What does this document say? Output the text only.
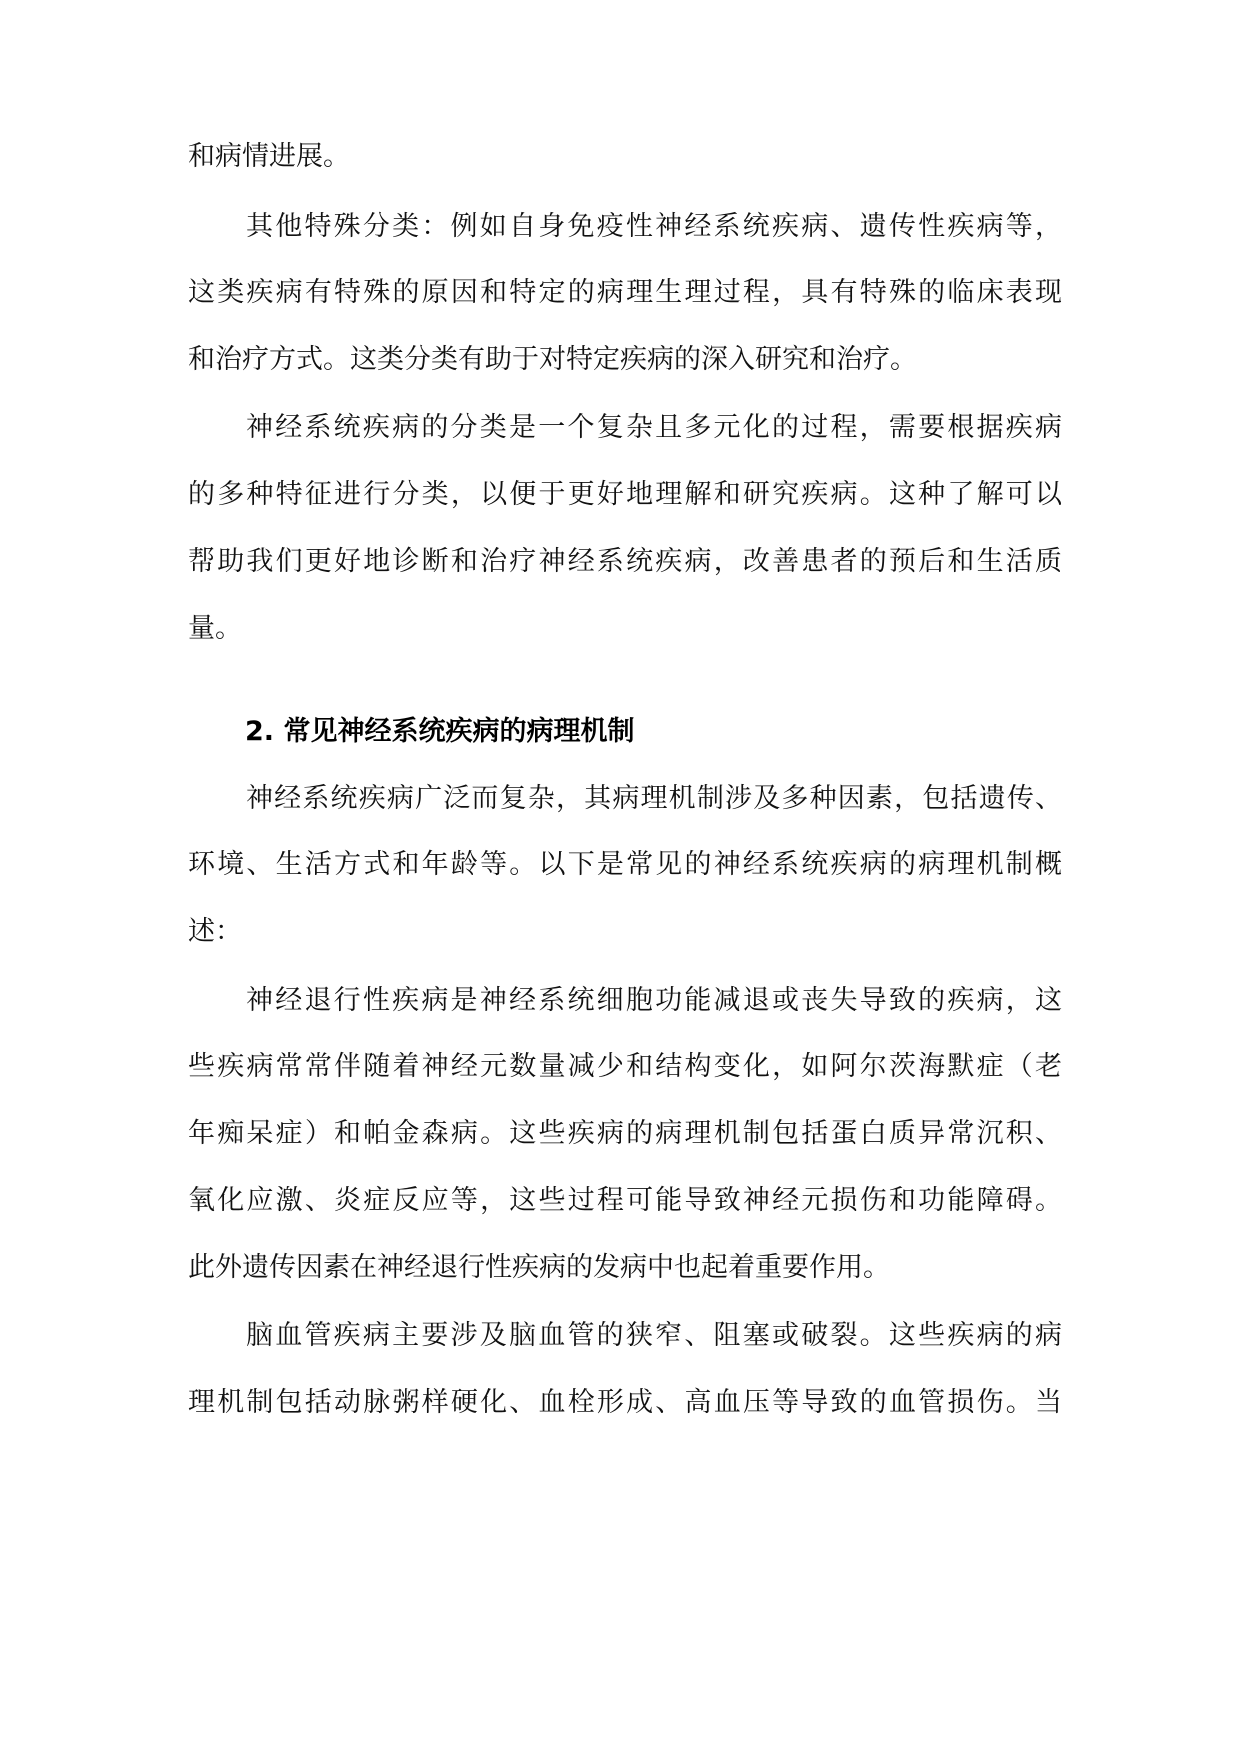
和病情进展。
其他特殊分类：例如自身免疫性神经系统疾病、遗传性疾病等，
这类疾病有特殊的原因和特定的病理生理过程，具有特殊的临床表现
和治疗方式。这类分类有助于对特定疾病的深入研究和治疗。
神经系统疾病的分类是一个复杂且多元化的过程，需要根据疾病
的多种特征进行分类，以便于更好地理解和研究疾病。这种了解可以
帮助我们更好地诊断和治疗神经系统疾病，改善患者的预后和生活质
量。
2. 常见神经系统疾病的病理机制
神经系统疾病广泛而复杂，其病理机制涉及多种因素，包括遗传、
环境、生活方式和年龄等。以下是常见的神经系统疾病的病理机制概
述：
神经退行性疾病是神经系统细胞功能减退或丧失导致的疾病，这
些疾病常常伴随着神经元数量减少和结构变化，如阿尔茨海默症（老
年痴呆症）和帕金森病。这些疾病的病理机制包括蛋白质异常沉积、
氧化应激、炎症反应等，这些过程可能导致神经元损伤和功能障碍。
此外遗传因素在神经退行性疾病的发病中也起着重要作用。
脑血管疾病主要涉及脑血管的狭窄、阻塞或破裂。这些疾病的病
理机制包括动脉粥样硬化、血栓形成、高血压等导致的血管损伤。当
